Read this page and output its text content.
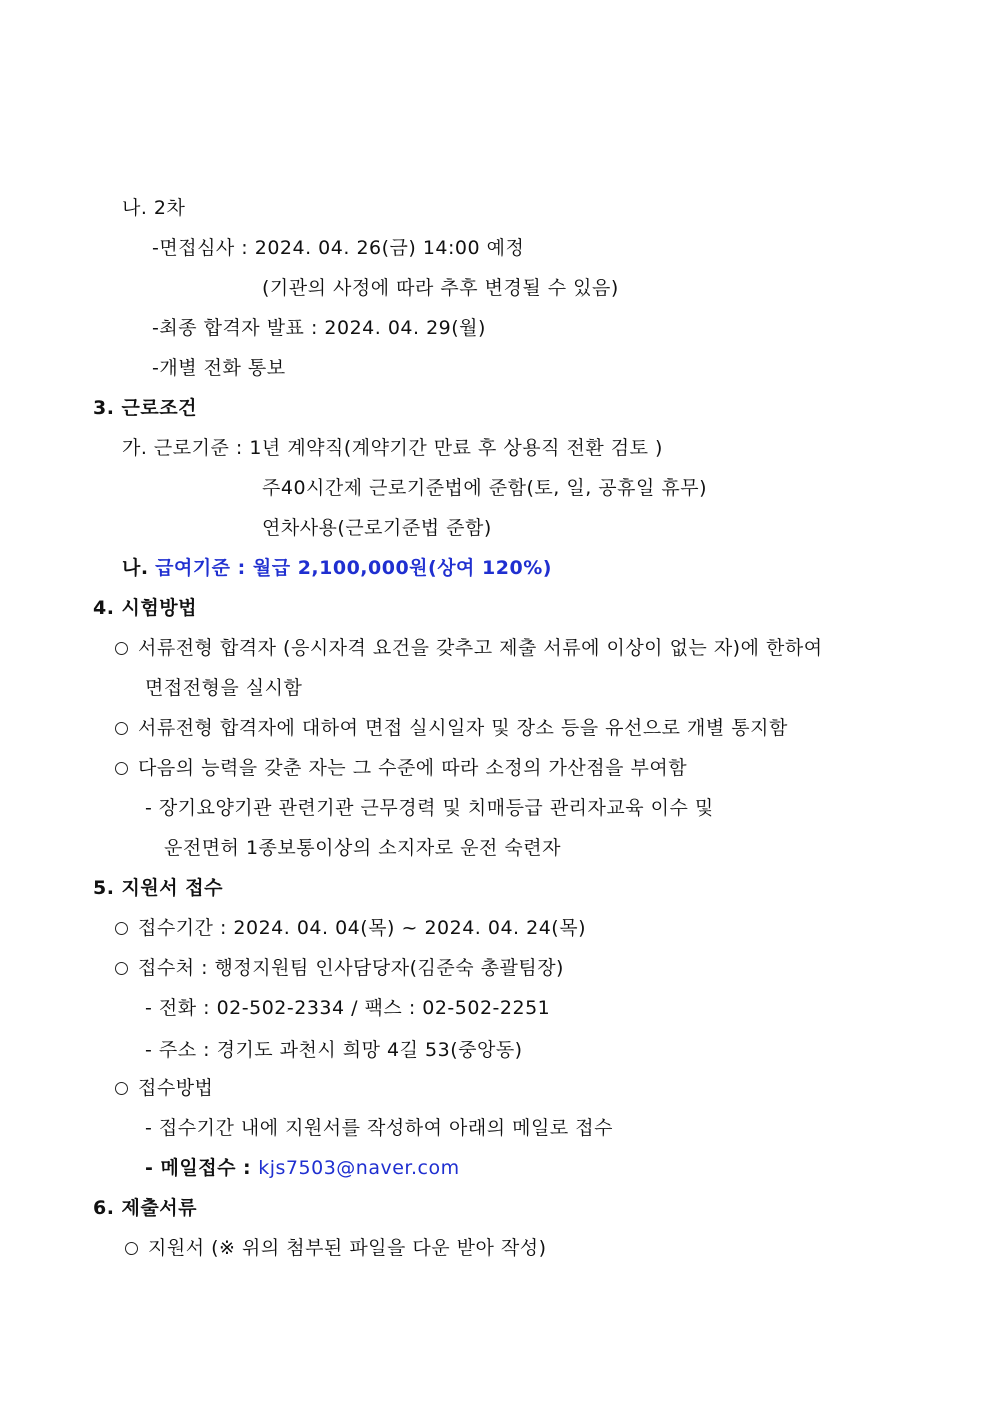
나. 2차
-면접심사 : 2024. 04. 26(금) 14:00 예정
(기관의 사정에 따라 추후 변경될 수 있음)
-최종 합격자 발표 : 2024. 04. 29(월)
-개별 전화 통보
3. 근로조건
가. 근로기준 : 1년 계약직(계약기간 만료 후 상용직 전환 검토 )
주40시간제 근로기준법에 준함(토, 일, 공휴일 휴무)
연차사용(근로기준법 준함)
나. 급여기준 : 월급 2,100,000원(상여 120%)
4. 시험방법
서류전형 합격자 (응시자격 요건을 갖추고 제출 서류에 이상이 없는 자)에 한하여
면접전형을 실시함
서류전형 합격자에 대하여 면접 실시일자 및 장소 등을 유선으로 개별 통지함
다음의 능력을 갖춘 자는 그 수준에 따라 소정의 가산점을 부여함
- 장기요양기관 관련기관 근무경력 및 치매등급 관리자교육 이수 및
운전면허 1종보통이상의 소지자로 운전 숙련자
5. 지원서 접수
접수기간 : 2024. 04. 04(목) ~ 2024. 04. 24(목)
접수처 : 행정지원팀 인사담당자(김준숙 총괄팀장)
- 전화 : 02-502-2334 / 팩스 : 02-502-2251
- 주소 : 경기도 과천시 희망 4길 53(중앙동)
접수방법
- 접수기간 내에 지원서를 작성하여 아래의 메일로 접수
- 메일접수 : kjs7503@naver.com
6. 제출서류
지원서 (※ 위의 첨부된 파일을 다운 받아 작성)
